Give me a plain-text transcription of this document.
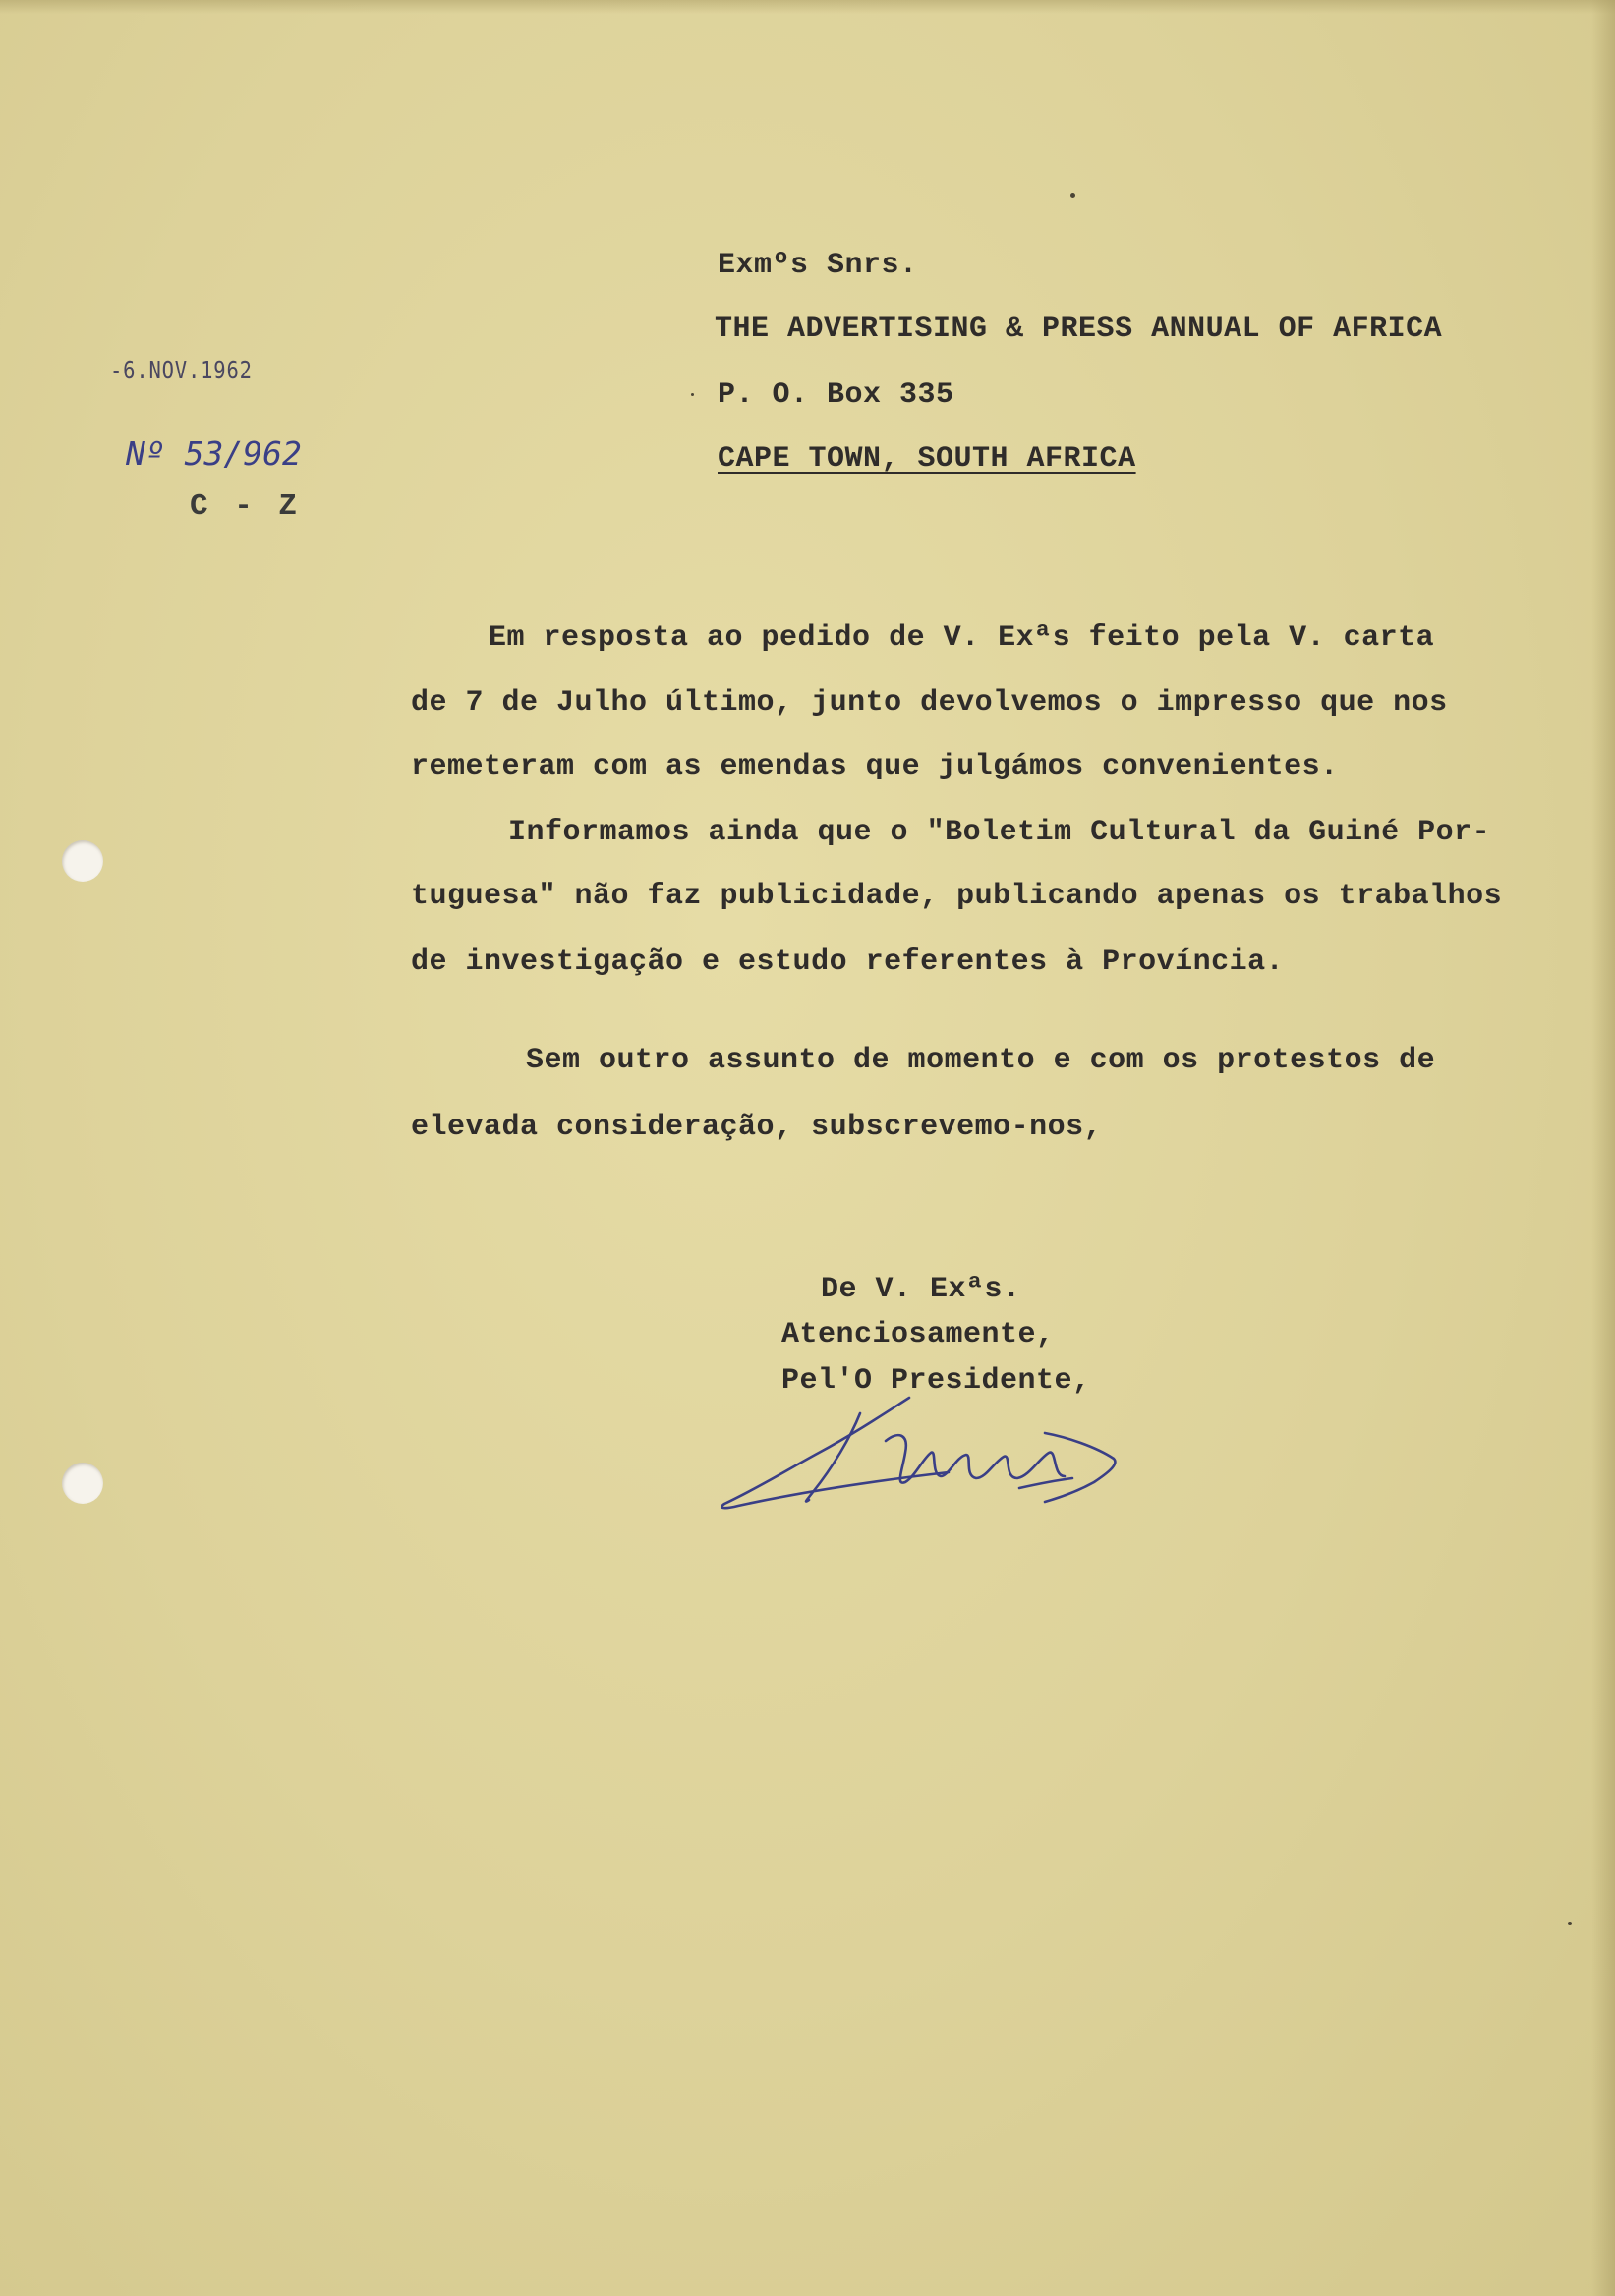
-6.NOV.1962
Nº 53/962
C - Z

Exmºs Snrs.

THE ADVERTISING & PRESS ANNUAL OF AFRICA

P. O. Box 335

CAPE TOWN, SOUTH AFRICA

Em resposta ao pedido de V. Exªs feito pela V. carta

de 7 de Julho último, junto devolvemos o impresso que nos

remeteram com as emendas que julgámos convenientes.

Informamos ainda que o "Boletim Cultural da Guiné Por-

tuguesa" não faz publicidade, publicando apenas os trabalhos

de investigação e estudo referentes à Província.

Sem outro assunto de momento e com os protestos de

elevada consideração, subscrevemo-nos,

De V. Exªs.

Atenciosamente,

Pel'O Presidente,
